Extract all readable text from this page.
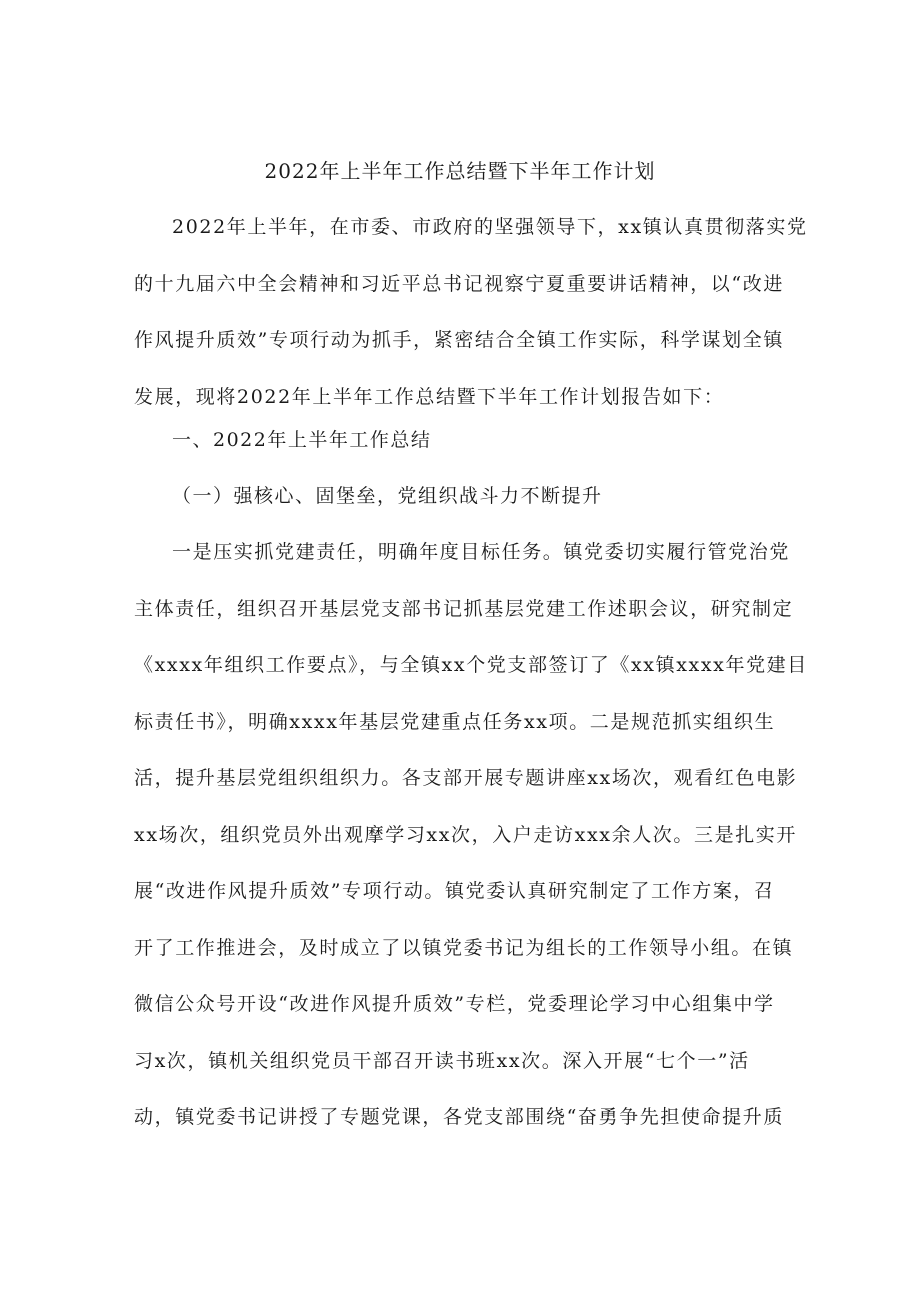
2022年上半年工作总结暨下半年工作计划
2022年上半年，在市委、市政府的坚强领导下，xx镇认真贯彻落实党
的十九届六中全会精神和习近平总书记视察宁夏重要讲话精神，以“改进
作风提升质效”专项行动为抓手，紧密结合全镇工作实际，科学谋划全镇
发展，现将2022年上半年工作总结暨下半年工作计划报告如下：
一、2022年上半年工作总结
（一）强核心、固堡垒，党组织战斗力不断提升
一是压实抓党建责任，明确年度目标任务。镇党委切实履行管党治党
主体责任，组织召开基层党支部书记抓基层党建工作述职会议，研究制定
《xxxx年组织工作要点》，与全镇xx个党支部签订了《xx镇xxxx年党建目
标责任书》，明确xxxx年基层党建重点任务xx项。二是规范抓实组织生
活，提升基层党组织组织力。各支部开展专题讲座xx场次，观看红色电影
xx场次，组织党员外出观摩学习xx次，入户走访xxx余人次。三是扎实开
展“改进作风提升质效”专项行动。镇党委认真研究制定了工作方案，召
开了工作推进会，及时成立了以镇党委书记为组长的工作领导小组。在镇
微信公众号开设“改进作风提升质效”专栏，党委理论学习中心组集中学
习x次，镇机关组织党员干部召开读书班xx次。深入开展“七个一”活
动，镇党委书记讲授了专题党课，各党支部围绕“奋勇争先担使命提升质
